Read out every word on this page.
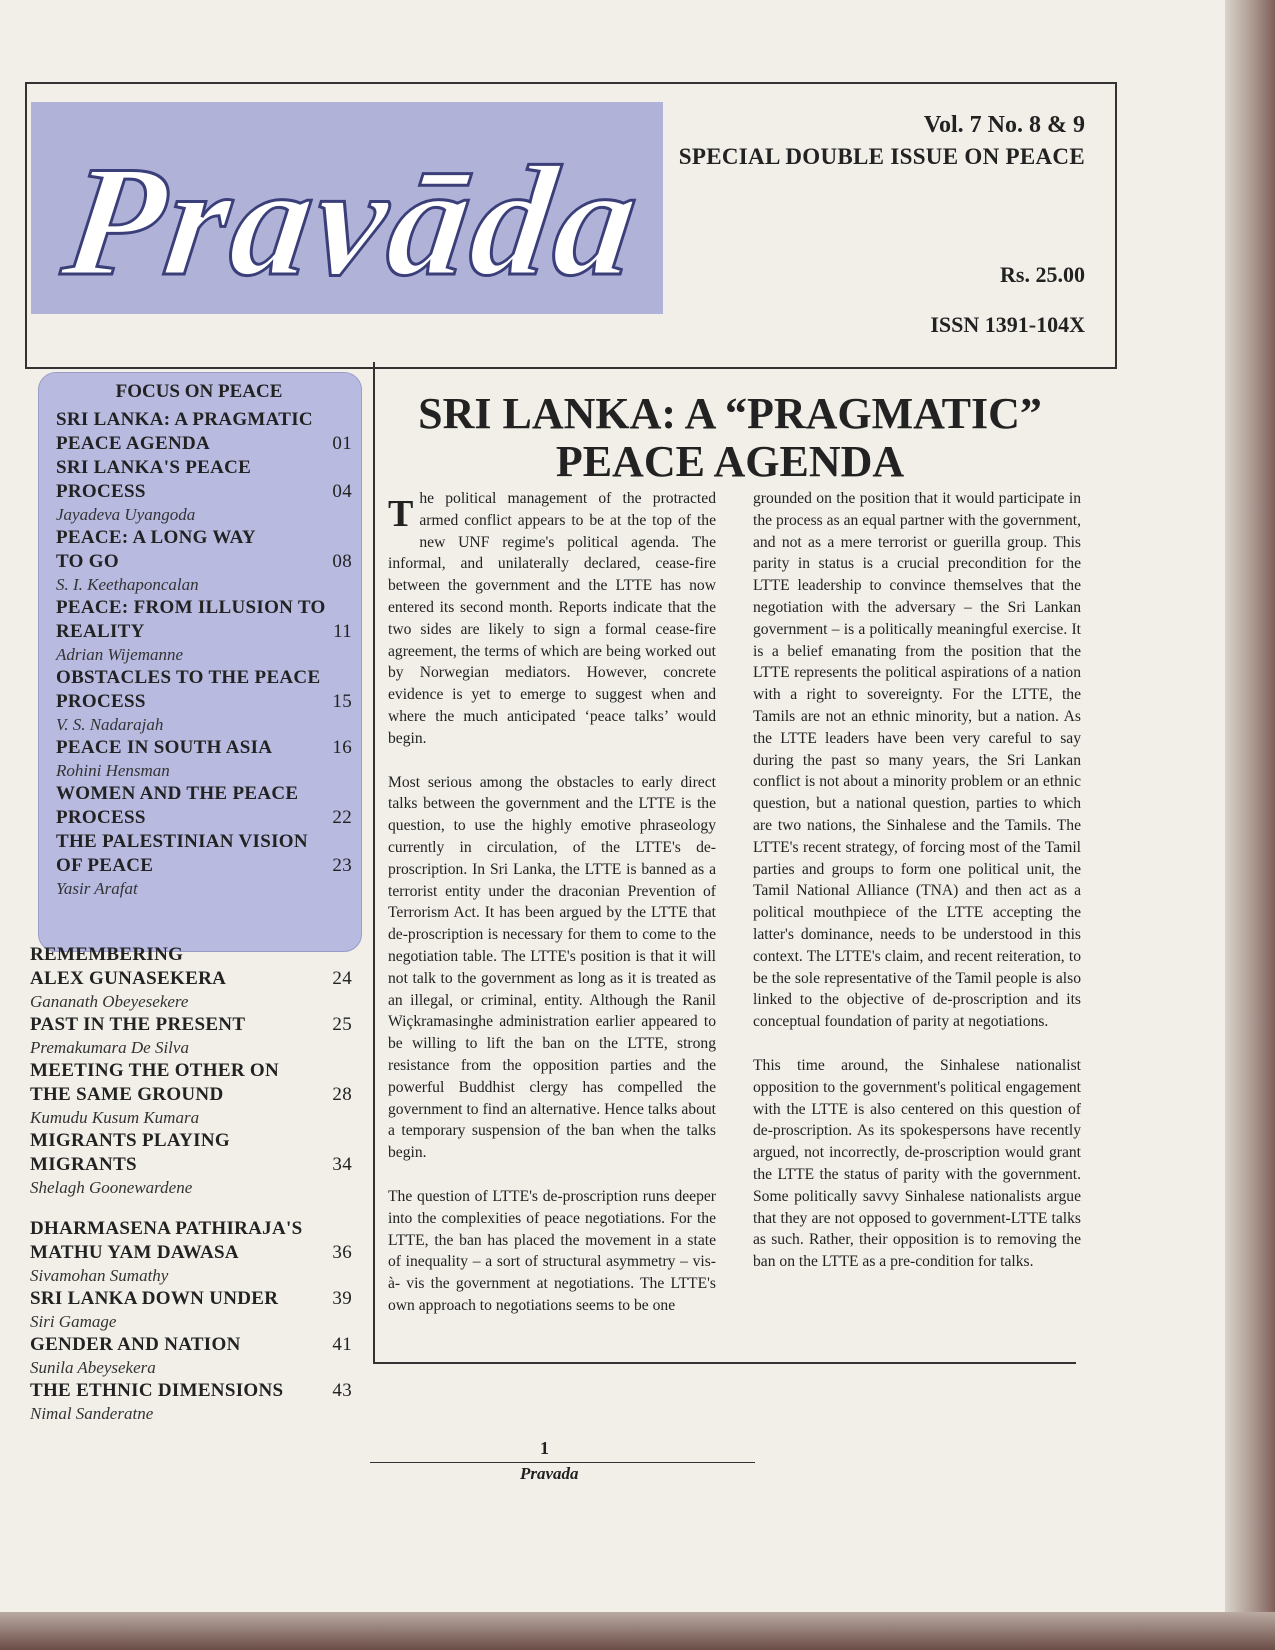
Pravāda
Vol. 7 No. 8 & 9
SPECIAL DOUBLE ISSUE ON PEACE
Rs. 25.00
ISSN 1391-104X
FOCUS ON PEACE
SRI LANKA: A PRAGMATIC
PEACE AGENDA	01
SRI LANKA'S PEACE
PROCESS	04
Jayadeva Uyangoda
PEACE: A LONG WAY
TO GO	08
S. I. Keethaponcalan
PEACE: FROM ILLUSION TO
REALITY	11
Adrian Wijemanne
OBSTACLES TO THE PEACE
PROCESS	15
V. S. Nadarajah
PEACE IN SOUTH ASIA	16
Rohini Hensman
WOMEN AND THE PEACE
PROCESS	22
THE PALESTINIAN VISION
OF PEACE	23
Yasir Arafat
REMEMBERING
ALEX GUNASEKERA	24
Gananath Obeyesekere
PAST IN THE PRESENT	25
Premakumara De Silva
MEETING THE OTHER ON
THE SAME GROUND	28
Kumudu Kusum Kumara
MIGRANTS PLAYING
MIGRANTS	34
Shelagh Goonewardene
DHARMASENA PATHIRAJA'S
MATHU YAM DAWASA	36
Sivamohan Sumathy
SRI LANKA DOWN UNDER	39
Siri Gamage
GENDER AND NATION	41
Sunila Abeysekera
THE ETHNIC DIMENSIONS	43
Nimal Sanderatne
SRI LANKA: A “PRAGMATIC”
PEACE AGENDA

The political management of the protracted armed conflict appears to be at the top of the new UNF regime's political agenda. The informal, and unilaterally declared, cease-fire between the government and the LTTE has now entered its second month. Reports indicate that the two sides are likely to sign a formal cease-fire agreement, the terms of which are being worked out by Norwegian mediators. However, concrete evidence is yet to emerge to suggest when and where the much anticipated ‘peace talks’ would begin.

Most serious among the obstacles to early direct talks between the government and the LTTE is the question, to use the highly emotive phraseology currently in circulation, of the LTTE's de-proscription. In Sri Lanka, the LTTE is banned as a terrorist entity under the draconian Prevention of Terrorism Act. It has been argued by the LTTE that de-proscription is necessary for them to come to the negotiation table. The LTTE's position is that it will not talk to the government as long as it is treated as an illegal, or criminal, entity. Although the Ranil Wiçkramasinghe administration earlier appeared to be willing to lift the ban on the LTTE, strong resistance from the opposition parties and the powerful Buddhist clergy has compelled the government to find an alternative. Hence talks about a temporary suspension of the ban when the talks begin.

The question of LTTE's de-proscription runs deeper into the complexities of peace negotiations. For the LTTE, the ban has placed the movement in a state of inequality – a sort of structural asymmetry – vis-à- vis the government at negotiations. The LTTE's own approach to negotiations seems to be one

grounded on the position that it would participate in the process as an equal partner with the government, and not as a mere terrorist or guerilla group. This parity in status is a crucial precondition for the LTTE leadership to convince themselves that the negotiation with the adversary – the Sri Lankan government – is a politically meaningful exercise. It is a belief emanating from the position that the LTTE represents the political aspirations of a nation with a right to sovereignty. For the LTTE, the Tamils are not an ethnic minority, but a nation. As the LTTE leaders have been very careful to say during the past so many years, the Sri Lankan conflict is not about a minority problem or an ethnic question, but a national question, parties to which are two nations, the Sinhalese and the Tamils. The LTTE's recent strategy, of forcing most of the Tamil parties and groups to form one political unit, the Tamil National Alliance (TNA) and then act as a political mouthpiece of the LTTE accepting the latter's dominance, needs to be understood in this context. The LTTE's claim, and recent reiteration, to be the sole representative of the Tamil people is also linked to the objective of de-proscription and its conceptual foundation of parity at negotiations.

This time around, the Sinhalese nationalist opposition to the government's political engagement with the LTTE is also centered on this question of de-proscription. As its spokespersons have recently argued, not incorrectly, de-proscription would grant the LTTE the status of parity with the government. Some politically savvy Sinhalese nationalists argue that they are not opposed to government-LTTE talks as such. Rather, their opposition is to removing the ban on the LTTE as a pre-condition for talks.

1
Pravada
